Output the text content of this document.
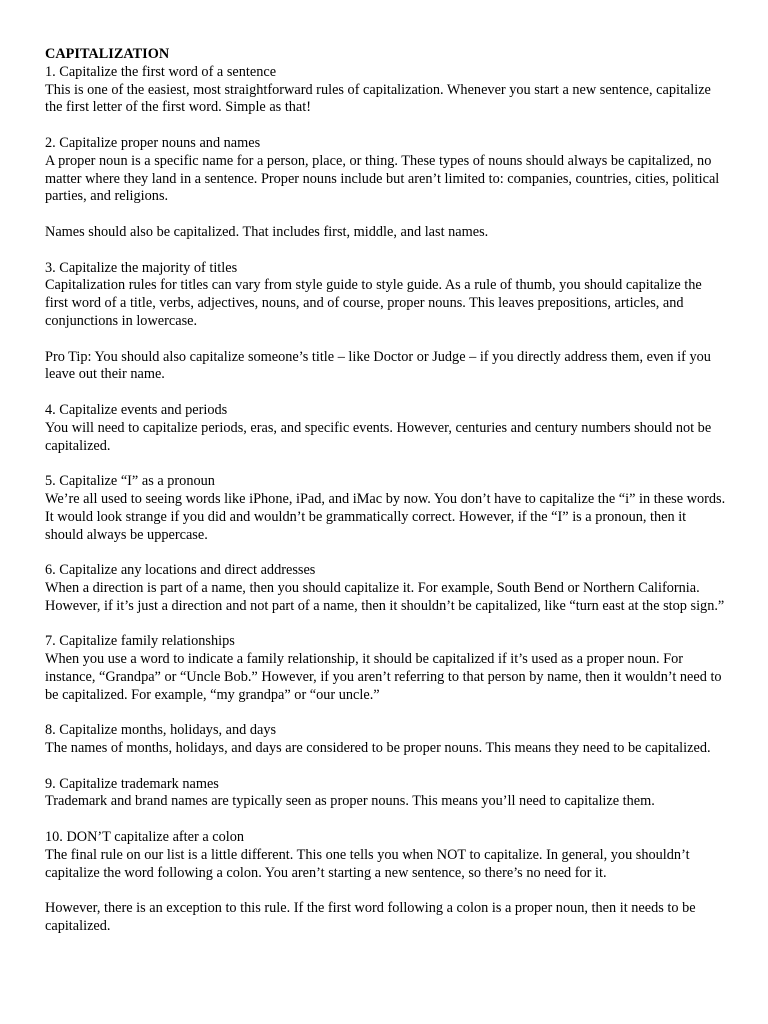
CAPITALIZATION
1. Capitalize the first word of a sentence

This is one of the easiest, most straightforward rules of capitalization. Whenever you start a new sentence, capitalize the first letter of the first word. Simple as that!

2. Capitalize proper nouns and names

A proper noun is a specific name for a person, place, or thing. These types of nouns should always be capitalized, no matter where they land in a sentence. Proper nouns include but aren’t limited to: companies, countries, cities, political parties, and religions.

Names should also be capitalized. That includes first, middle, and last names.

3. Capitalize the majority of titles

Capitalization rules for titles can vary from style guide to style guide. As a rule of thumb, you should capitalize the first word of a title, verbs, adjectives, nouns, and of course, proper nouns. This leaves prepositions, articles, and conjunctions in lowercase.

Pro Tip: You should also capitalize someone’s title – like Doctor or Judge – if you directly address them, even if you leave out their name.

4. Capitalize events and periods

You will need to capitalize periods, eras, and specific events. However, centuries and century numbers should not be capitalized.

5. Capitalize “I” as a pronoun

We’re all used to seeing words like iPhone, iPad, and iMac by now. You don’t have to capitalize the “i” in these words. It would look strange if you did and wouldn’t be grammatically correct. However, if the “I” is a pronoun, then it should always be uppercase.

6. Capitalize any locations and direct addresses

When a direction is part of a name, then you should capitalize it. For example, South Bend or Northern California. However, if it’s just a direction and not part of a name, then it shouldn’t be capitalized, like “turn east at the stop sign.”

7. Capitalize family relationships

When you use a word to indicate a family relationship, it should be capitalized if it’s used as a proper noun. For instance, “Grandpa” or “Uncle Bob.” However, if you aren’t referring to that person by name, then it wouldn’t need to be capitalized. For example, “my grandpa” or “our uncle.”

8. Capitalize months, holidays, and days

The names of months, holidays, and days are considered to be proper nouns. This means they need to be capitalized.

9. Capitalize trademark names

Trademark and brand names are typically seen as proper nouns. This means you’ll need to capitalize them.

10. DON’T capitalize after a colon

The final rule on our list is a little different. This one tells you when NOT to capitalize. In general, you shouldn’t capitalize the word following a colon. You aren’t starting a new sentence, so there’s no need for it.

However, there is an exception to this rule. If the first word following a colon is a proper noun, then it needs to be capitalized.
